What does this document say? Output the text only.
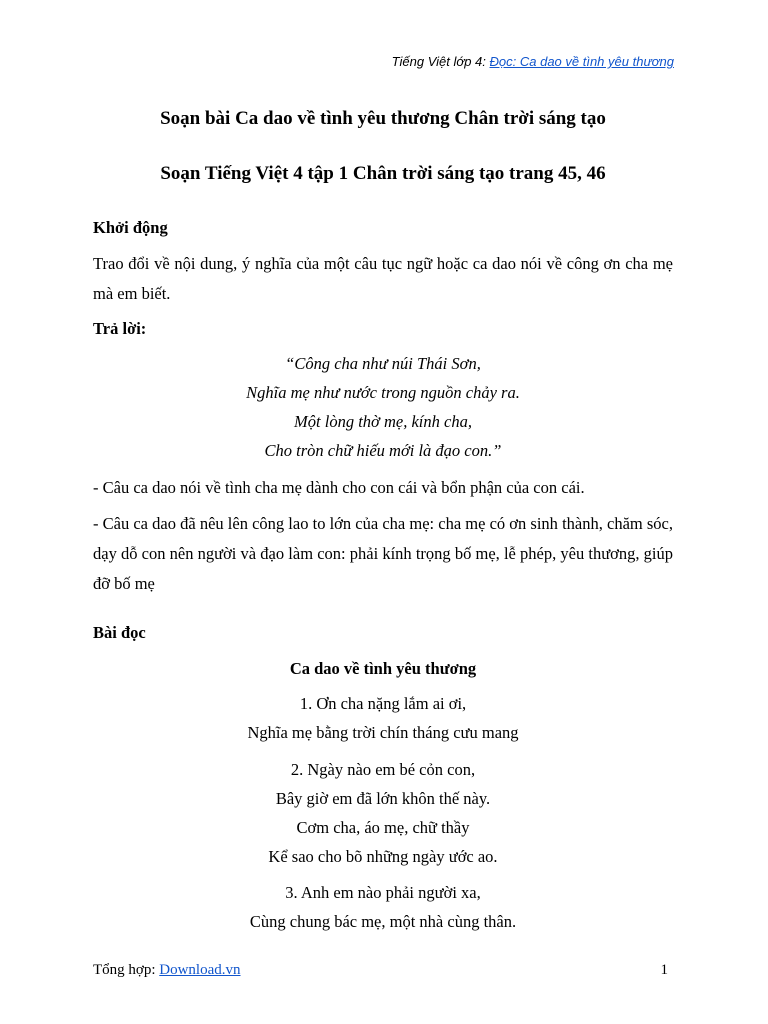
Tiếng Việt lớp 4: Đọc: Ca dao về tình yêu thương
Soạn bài Ca dao về tình yêu thương Chân trời sáng tạo
Soạn Tiếng Việt 4 tập 1 Chân trời sáng tạo trang 45, 46
Khởi động
Trao đổi về nội dung, ý nghĩa của một câu tục ngữ hoặc ca dao nói về công ơn cha mẹ mà em biết.
Trả lời:
“Công cha như núi Thái Sơn,
Nghĩa mẹ như nước trong nguồn chảy ra.
Một lòng thờ mẹ, kính cha,
Cho tròn chữ hiếu mới là đạo con.”
- Câu ca dao nói về tình cha mẹ dành cho con cái và bổn phận của con cái.
- Câu ca dao đã nêu lên công lao to lớn của cha mẹ: cha mẹ có ơn sinh thành, chăm sóc, dạy dỗ con nên người và đạo làm con: phải kính trọng bố mẹ, lễ phép, yêu thương, giúp đỡ bố mẹ
Bài đọc
Ca dao về tình yêu thương
1. Ơn cha nặng lắm ai ơi,
Nghĩa mẹ bằng trời chín tháng cưu mang
2. Ngày nào em bé cỏn con,
Bây giờ em đã lớn khôn thế này.
Cơm cha, áo mẹ, chữ thầy
Kể sao cho bõ những ngày ước ao.
3. Anh em nào phải người xa,
Cùng chung bác mẹ, một nhà cùng thân.
Tổng hợp: Download.vn	1
